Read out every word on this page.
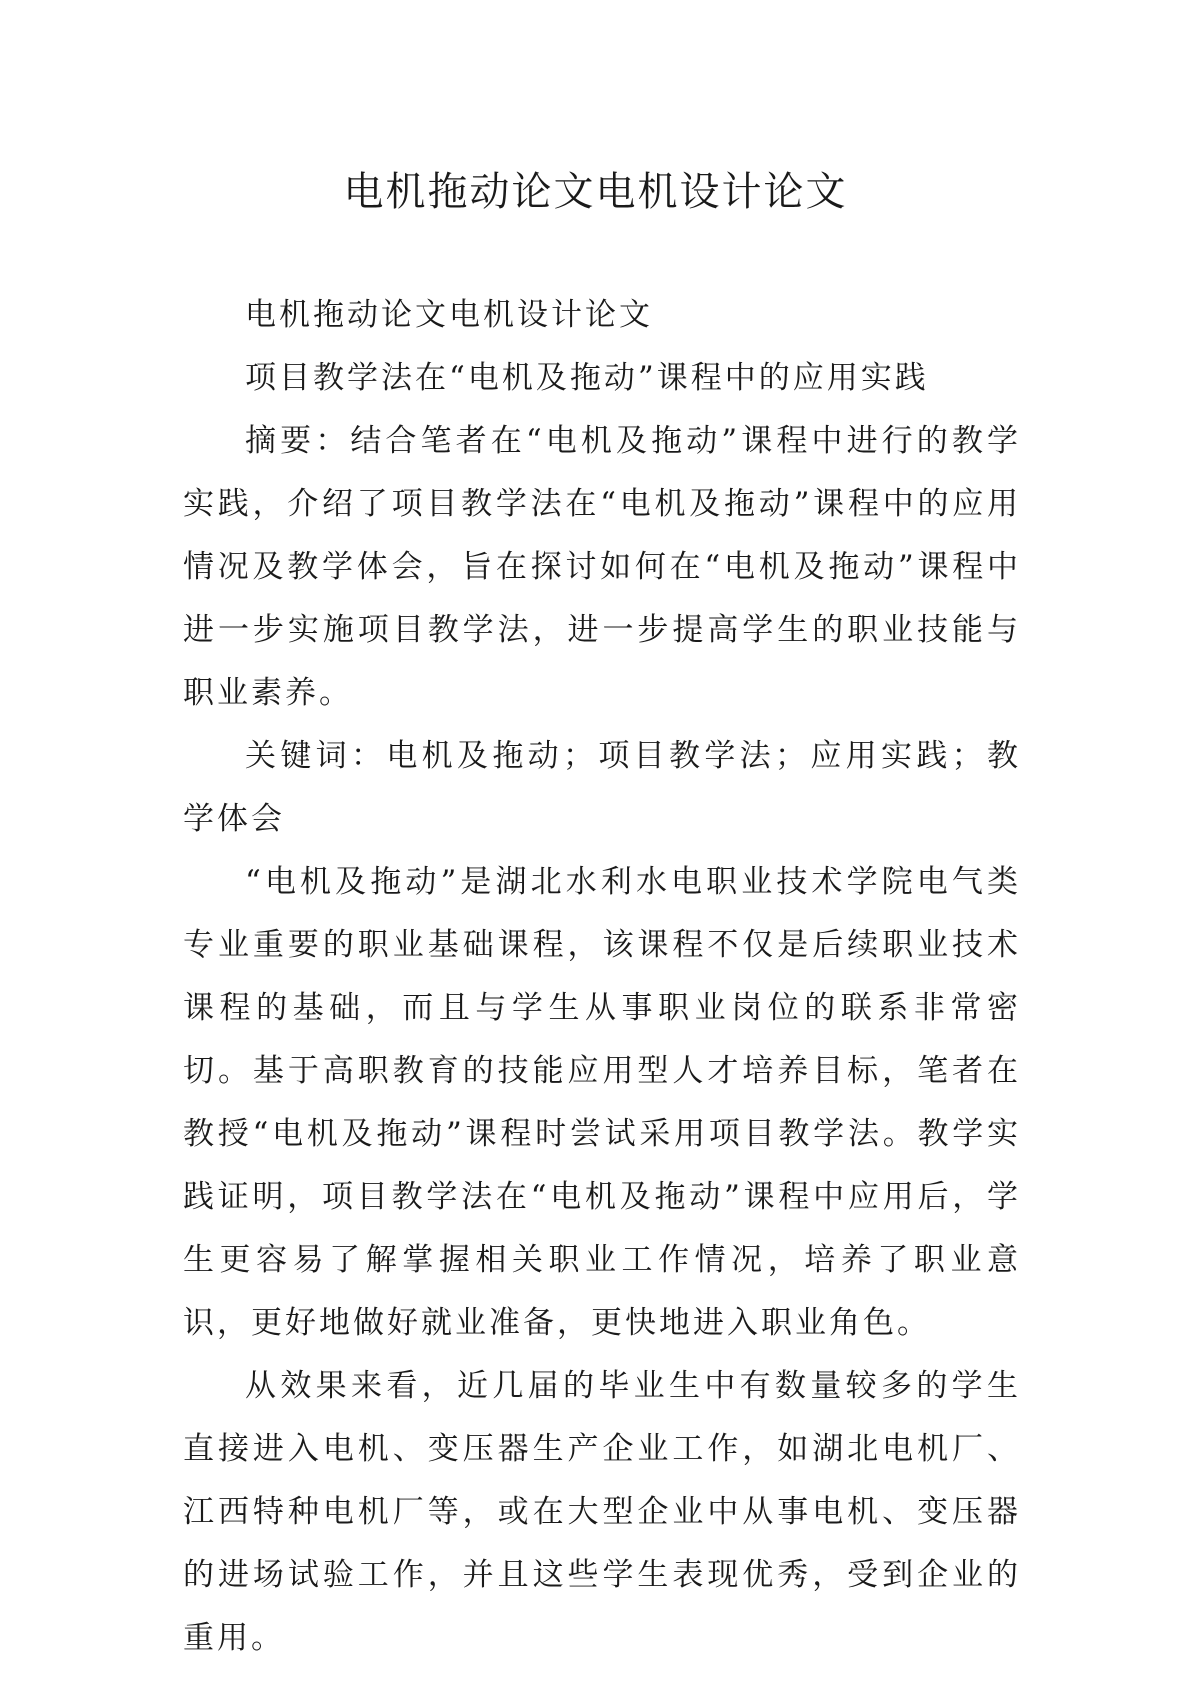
电机拖动论文电机设计论文

电机拖动论文电机设计论文

项目教学法在“电机及拖动”课程中的应用实践

摘要：结合笔者在“电机及拖动”课程中进行的教学实践，介绍了项目教学法在“电机及拖动”课程中的应用情况及教学体会，旨在探讨如何在“电机及拖动”课程中进一步实施项目教学法，进一步提高学生的职业技能与职业素养。

关键词：电机及拖动；项目教学法；应用实践；教学体会

“电机及拖动”是湖北水利水电职业技术学院电气类专业重要的职业基础课程，该课程不仅是后续职业技术课程的基础，而且与学生从事职业岗位的联系非常密切。基于高职教育的技能应用型人才培养目标，笔者在教授“电机及拖动”课程时尝试采用项目教学法。教学实践证明，项目教学法在“电机及拖动”课程中应用后，学生更容易了解掌握相关职业工作情况，培养了职业意识，更好地做好就业准备，更快地进入职业角色。

从效果来看，近几届的毕业生中有数量较多的学生直接进入电机、变压器生产企业工作，如湖北电机厂、江西特种电机厂等，或在大型企业中从事电机、变压器的进场试验工作，并且这些学生表现优秀，受到企业的重用。
